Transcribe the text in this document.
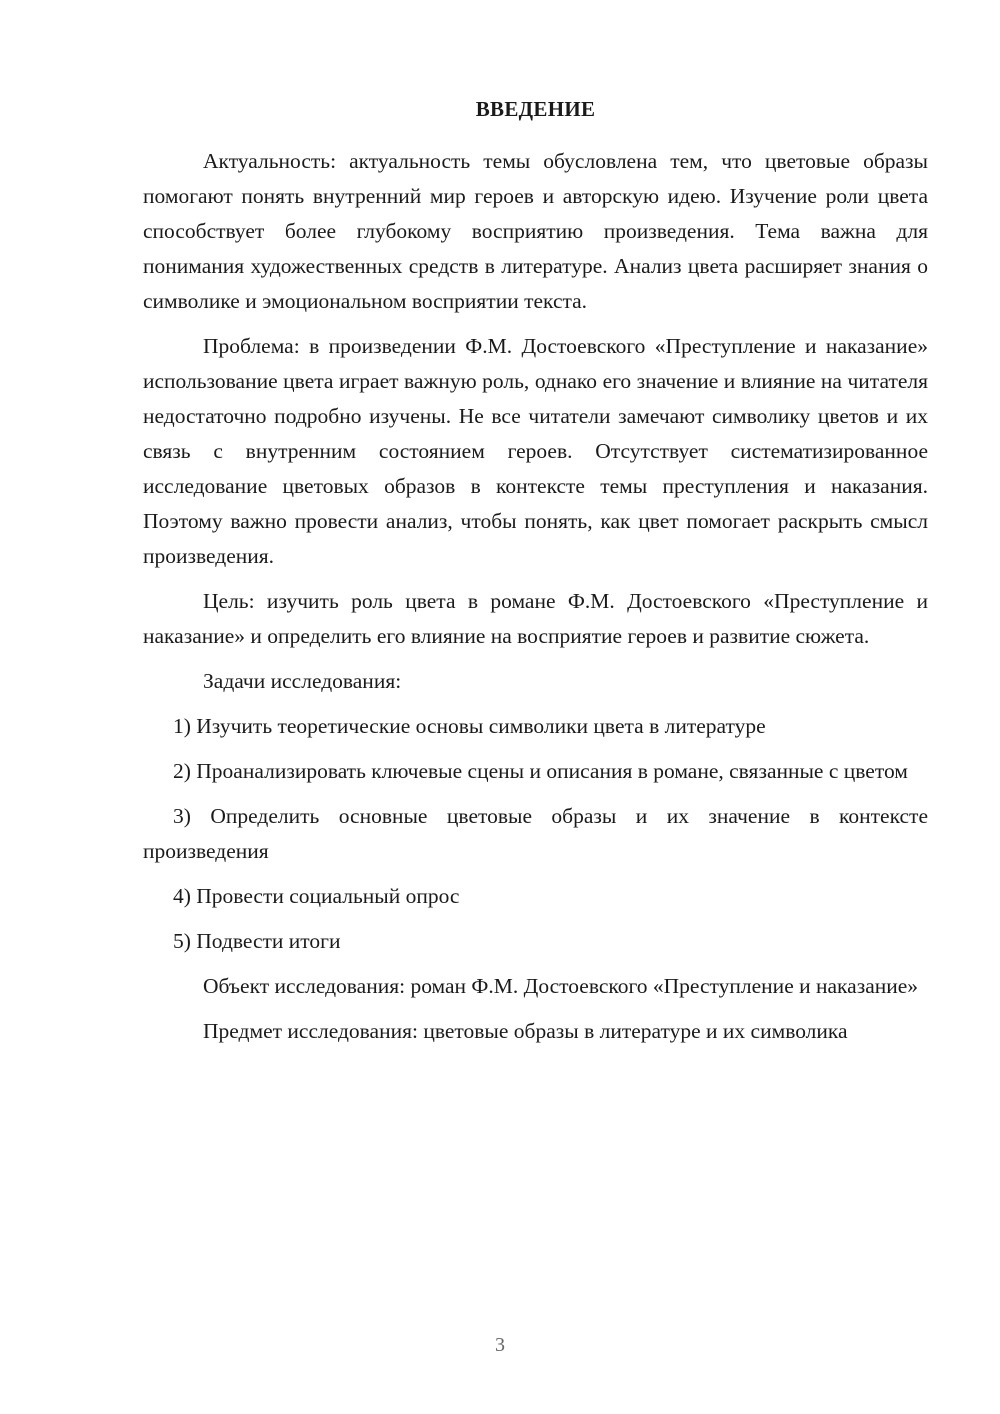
ВВЕДЕНИЕ

Актуальность: актуальность темы обусловлена тем, что цветовые образы помогают понять внутренний мир героев и авторскую идею. Изучение роли цвета способствует более глубокому восприятию произведения. Тема важна для понимания художественных средств в литературе. Анализ цвета расширяет знания о символике и эмоциональном восприятии текста.

Проблема: в произведении Ф.М. Достоевского «Преступление и наказание» использование цвета играет важную роль, однако его значение и влияние на читателя недостаточно подробно изучены. Не все читатели замечают символику цветов и их связь с внутренним состоянием героев. Отсутствует систематизированное исследование цветовых образов в контексте темы преступления и наказания. Поэтому важно провести анализ, чтобы понять, как цвет помогает раскрыть смысл произведения.

Цель: изучить роль цвета в романе Ф.М. Достоевского «Преступление и наказание» и определить его влияние на восприятие героев и развитие сюжета.

Задачи исследования:

1) Изучить теоретические основы символики цвета в литературе

2) Проанализировать ключевые сцены и описания в романе, связанные с цветом

3) Определить основные цветовые образы и их значение в контексте произведения

4) Провести социальный опрос

5) Подвести итоги

Объект исследования: роман Ф.М. Достоевского «Преступление и наказание»

Предмет исследования: цветовые образы в литературе и их символика

3
